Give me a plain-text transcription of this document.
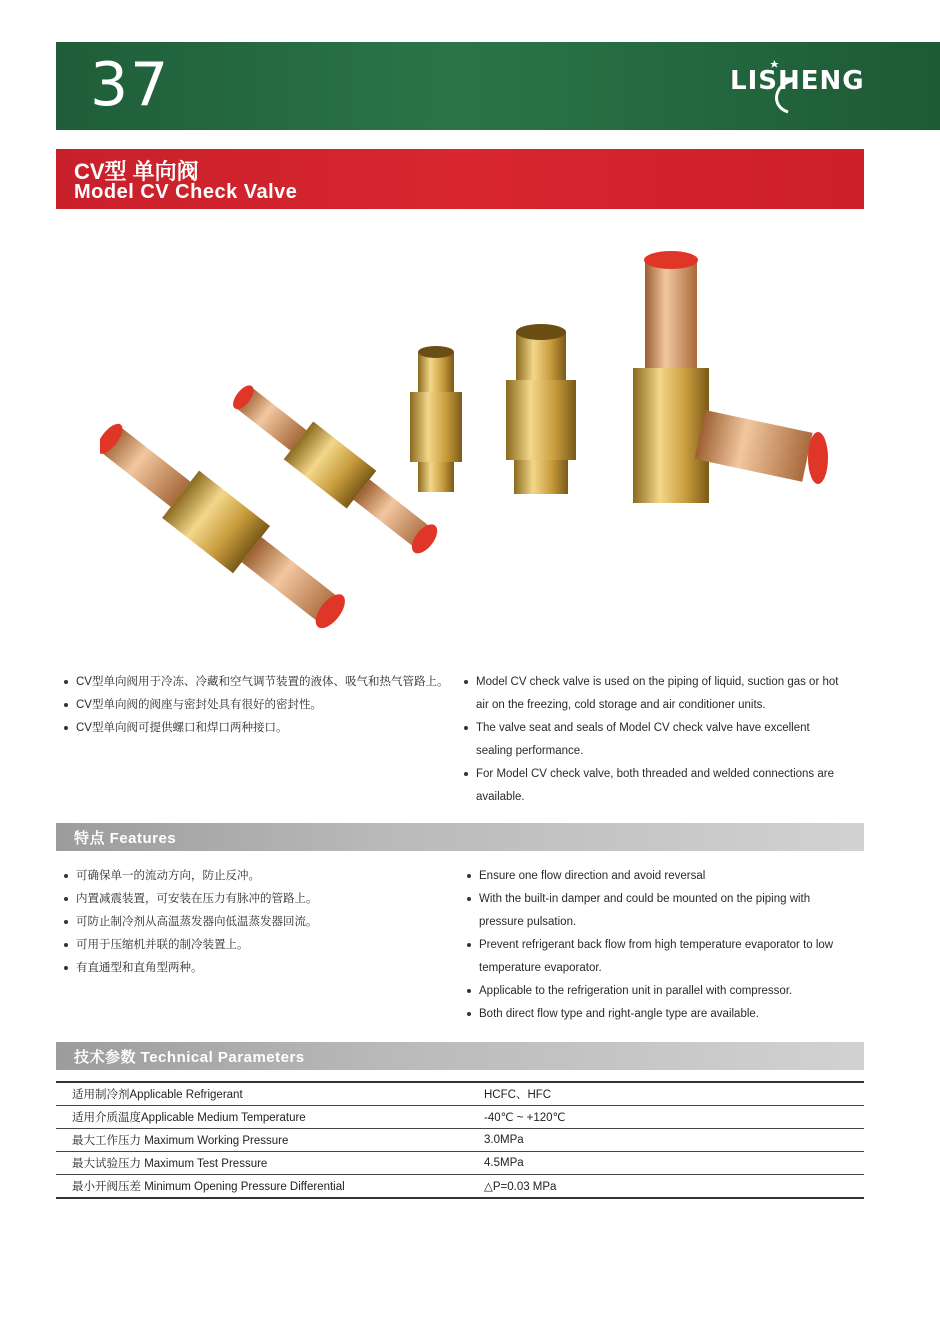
37	LISHENG
CV型 单向阀
Model CV Check Valve
CV型单向阀用于冷冻、冷藏和空气调节装置的液体、吸气和热气管路上。
CV型单向阀的阀座与密封处具有很好的密封性。
CV型单向阀可提供螺口和焊口两种接口。
Model CV check valve is used on the piping of liquid, suction gas or hot air on the freezing, cold storage and air conditioner units.
The valve seat and seals of Model CV check valve have excellent sealing performance.
For Model CV check valve, both threaded and welded connections are available.
特点 Features
可确保单一的流动方向，防止反冲。
内置减震装置，可安装在压力有脉冲的管路上。
可防止制冷剂从高温蒸发器向低温蒸发器回流。
可用于压缩机并联的制冷装置上。
有直通型和直角型两种。
Ensure one flow direction and avoid reversal
With the built-in damper and could be mounted on the piping with pressure pulsation.
Prevent refrigerant back flow from high temperature evaporator to low temperature evaporator.
Applicable to the refrigeration unit in parallel with compressor.
Both direct flow type and right-angle type are available.
技术参数 Technical Parameters
适用制冷剂Applicable Refrigerant	HCFC、HFC
适用介质温度Applicable Medium Temperature	-40℃ ~ +120℃
最大工作压力 Maximum Working Pressure	3.0MPa
最大试验压力 Maximum Test Pressure	4.5MPa
最小开阀压差 Minimum Opening Pressure Differential	△P=0.03 MPa
